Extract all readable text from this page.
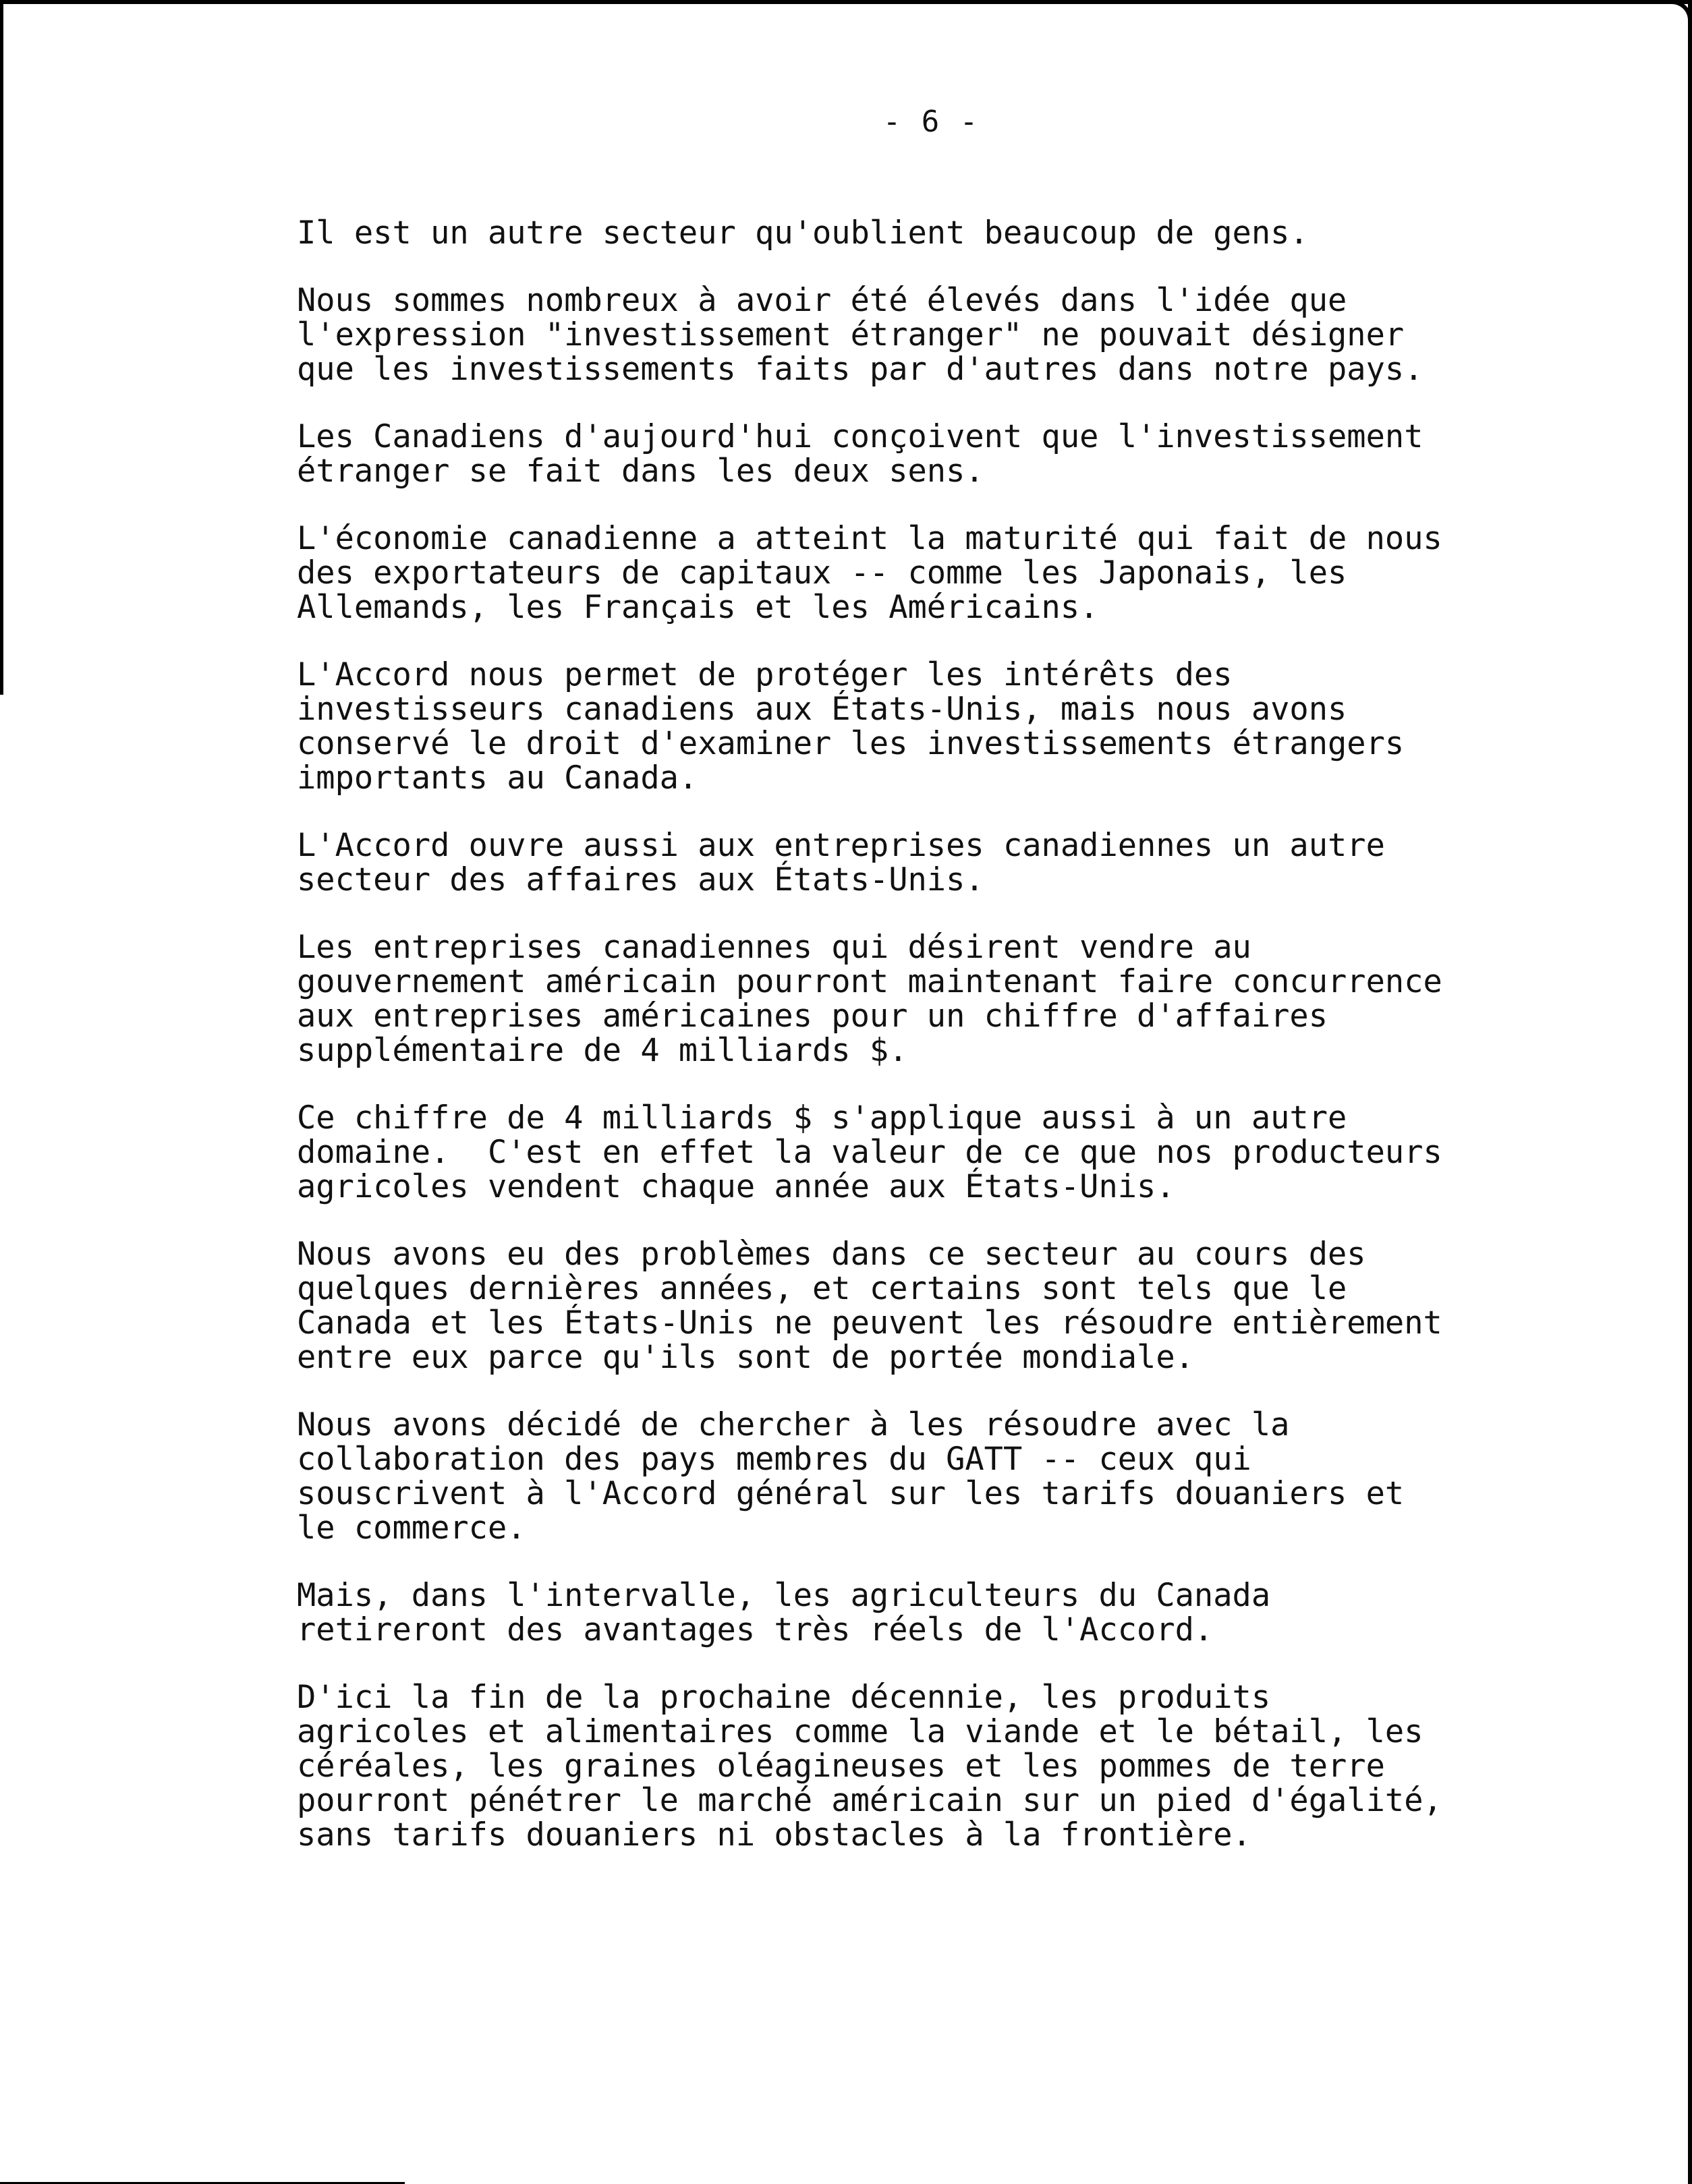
- 6 -

Il est un autre secteur qu'oublient beaucoup de gens.

Nous sommes nombreux à avoir été élevés dans l'idée que
l'expression "investissement étranger" ne pouvait désigner
que les investissements faits par d'autres dans notre pays.

Les Canadiens d'aujourd'hui conçoivent que l'investissement
étranger se fait dans les deux sens.

L'économie canadienne a atteint la maturité qui fait de nous
des exportateurs de capitaux -- comme les Japonais, les
Allemands, les Français et les Américains.

L'Accord nous permet de protéger les intérêts des
investisseurs canadiens aux États-Unis, mais nous avons
conservé le droit d'examiner les investissements étrangers
importants au Canada.

L'Accord ouvre aussi aux entreprises canadiennes un autre
secteur des affaires aux États-Unis.

Les entreprises canadiennes qui désirent vendre au
gouvernement américain pourront maintenant faire concurrence
aux entreprises américaines pour un chiffre d'affaires
supplémentaire de 4 milliards $.

Ce chiffre de 4 milliards $ s'applique aussi à un autre
domaine.  C'est en effet la valeur de ce que nos producteurs
agricoles vendent chaque année aux États-Unis.

Nous avons eu des problèmes dans ce secteur au cours des
quelques dernières années, et certains sont tels que le
Canada et les États-Unis ne peuvent les résoudre entièrement
entre eux parce qu'ils sont de portée mondiale.

Nous avons décidé de chercher à les résoudre avec la
collaboration des pays membres du GATT -- ceux qui
souscrivent à l'Accord général sur les tarifs douaniers et
le commerce.

Mais, dans l'intervalle, les agriculteurs du Canada
retireront des avantages très réels de l'Accord.

D'ici la fin de la prochaine décennie, les produits
agricoles et alimentaires comme la viande et le bétail, les
céréales, les graines oléagineuses et les pommes de terre
pourront pénétrer le marché américain sur un pied d'égalité,
sans tarifs douaniers ni obstacles à la frontière.
